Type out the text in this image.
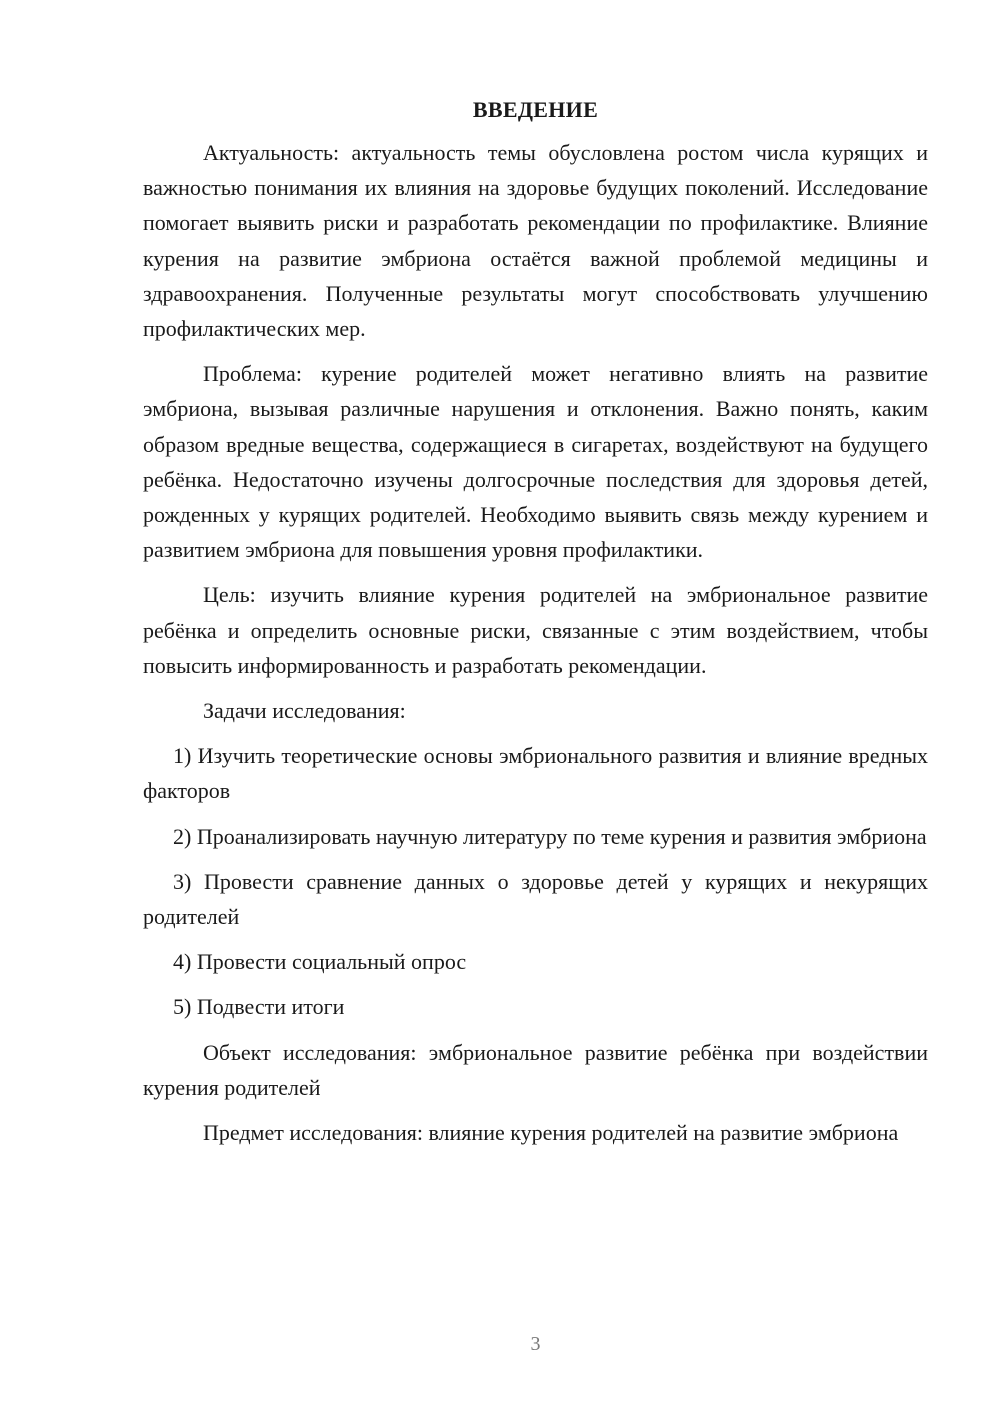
ВВЕДЕНИЕ

Актуальность: актуальность темы обусловлена ростом числа курящих и важностью понимания их влияния на здоровье будущих поколений. Исследование помогает выявить риски и разработать рекомендации по профилактике. Влияние курения на развитие эмбриона остаётся важной проблемой медицины и здравоохранения. Полученные результаты могут способствовать улучшению профилактических мер.

Проблема: курение родителей может негативно влиять на развитие эмбриона, вызывая различные нарушения и отклонения. Важно понять, каким образом вредные вещества, содержащиеся в сигаретах, воздействуют на будущего ребёнка. Недостаточно изучены долгосрочные последствия для здоровья детей, рожденных у курящих родителей. Необходимо выявить связь между курением и развитием эмбриона для повышения уровня профилактики.

Цель: изучить влияние курения родителей на эмбриональное развитие ребёнка и определить основные риски, связанные с этим воздействием, чтобы повысить информированность и разработать рекомендации.

Задачи исследования:

1) Изучить теоретические основы эмбрионального развития и влияние вредных факторов

2) Проанализировать научную литературу по теме курения и развития эмбриона

3) Провести сравнение данных о здоровье детей у курящих и некурящих родителей

4) Провести социальный опрос

5) Подвести итоги

Объект исследования: эмбриональное развитие ребёнка при воздействии курения родителей

Предмет исследования: влияние курения родителей на развитие эмбриона

3
